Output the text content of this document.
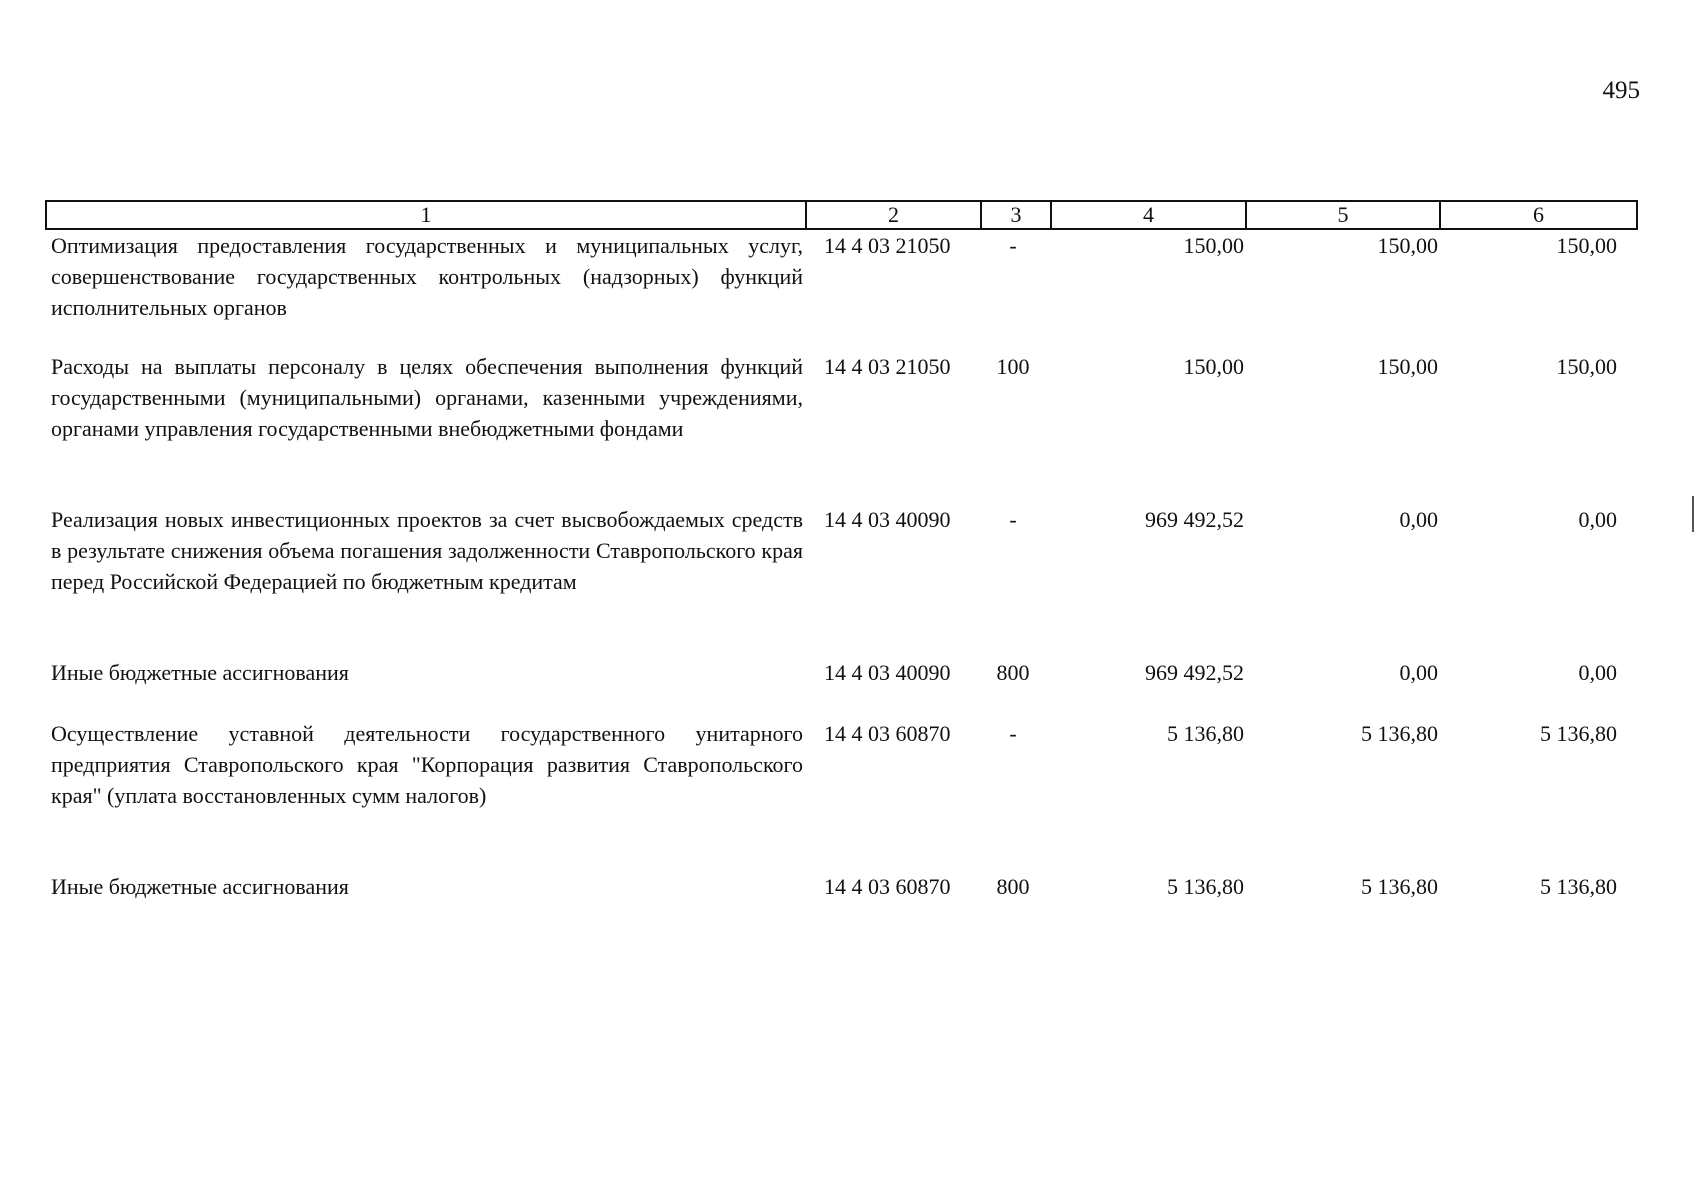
495
1	2	3	4	5	6
Оптимизация предоставления государственных и муниципальных услуг, совершенствование государственных контрольных (надзорных) функций исполнительных органов	14 4 03 21050	-	150,00	150,00	150,00
Расходы на выплаты персоналу в целях обеспечения выполнения функций государственными (муниципальными) органами, казенными учреждениями, органами управления государственными внебюджетными фондами	14 4 03 21050	100	150,00	150,00	150,00
Реализация новых инвестиционных проектов за счет высвобождаемых средств в результате снижения объема погашения задолженности Ставропольского края перед Российской Федерацией по бюджетным кредитам	14 4 03 40090	-	969 492,52	0,00	0,00
Иные бюджетные ассигнования	14 4 03 40090	800	969 492,52	0,00	0,00
Осуществление уставной деятельности государственного унитарного предприятия Ставропольского края "Корпорация развития Ставропольского края" (уплата восстановленных сумм налогов)	14 4 03 60870	-	5 136,80	5 136,80	5 136,80
Иные бюджетные ассигнования	14 4 03 60870	800	5 136,80	5 136,80	5 136,80
